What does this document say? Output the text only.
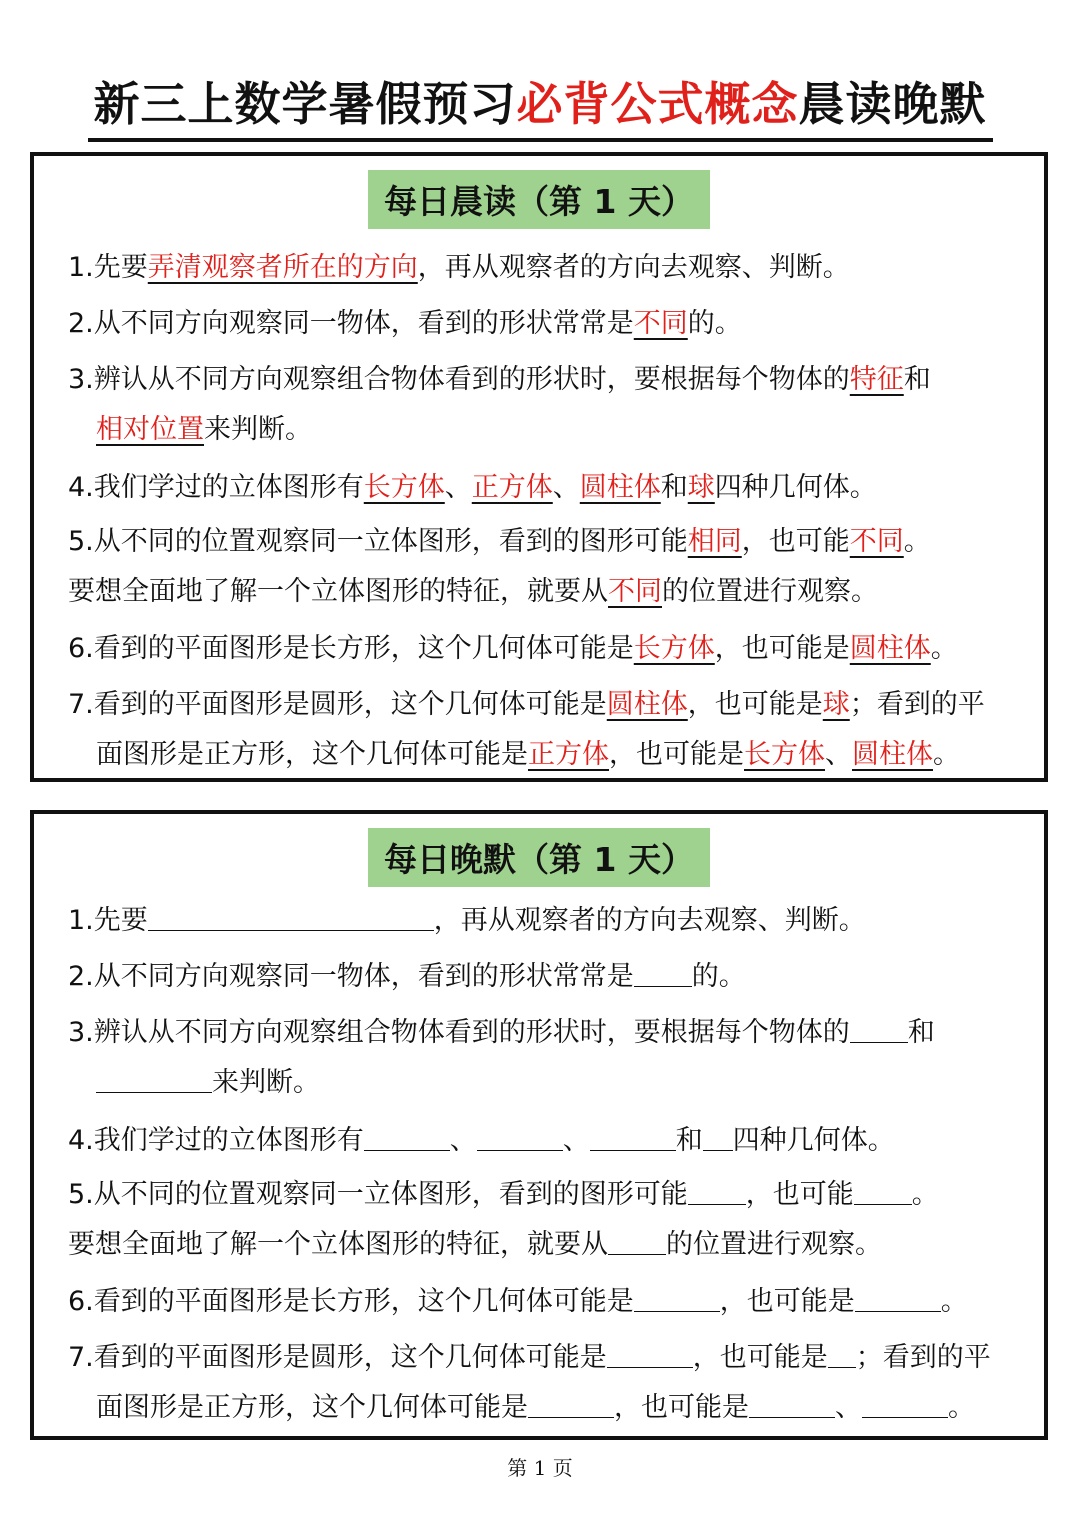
新三上数学暑假预习必背公式概念晨读晚默
每日晨读（第 1 天）
1.先要弄清观察者所在的方向，再从观察者的方向去观察、判断。
2.从不同方向观察同一物体，看到的形状常常是不同的。
3.辨认从不同方向观察组合物体看到的形状时，要根据每个物体的特征和
相对位置来判断。
4.我们学过的立体图形有长方体、正方体、圆柱体和球四种几何体。
5.从不同的位置观察同一立体图形，看到的图形可能相同，也可能不同。
要想全面地了解一个立体图形的特征，就要从不同的位置进行观察。
6.看到的平面图形是长方形，这个几何体可能是长方体，也可能是圆柱体。
7.看到的平面图形是圆形，这个几何体可能是圆柱体，也可能是球；看到的平
面图形是正方形，这个几何体可能是正方体，也可能是长方体、圆柱体。
每日晚默（第 1 天）
1.先要	，再从观察者的方向去观察、判断。
2.从不同方向观察同一物体，看到的形状常常是 的。
3.辨认从不同方向观察组合物体看到的形状时，要根据每个物体的 和
来判断。
4.我们学过的立体图形有	、	、	和 四种几何体。
5.从不同的位置观察同一立体图形，看到的图形可能 ，也可能 。
要想全面地了解一个立体图形的特征，就要从 的位置进行观察。
6.看到的平面图形是长方形，这个几何体可能是	，也可能是	。
7.看到的平面图形是圆形，这个几何体可能是	，也可能是 ；看到的平
面图形是正方形，这个几何体可能是	，也可能是	、	。
第 1 页
